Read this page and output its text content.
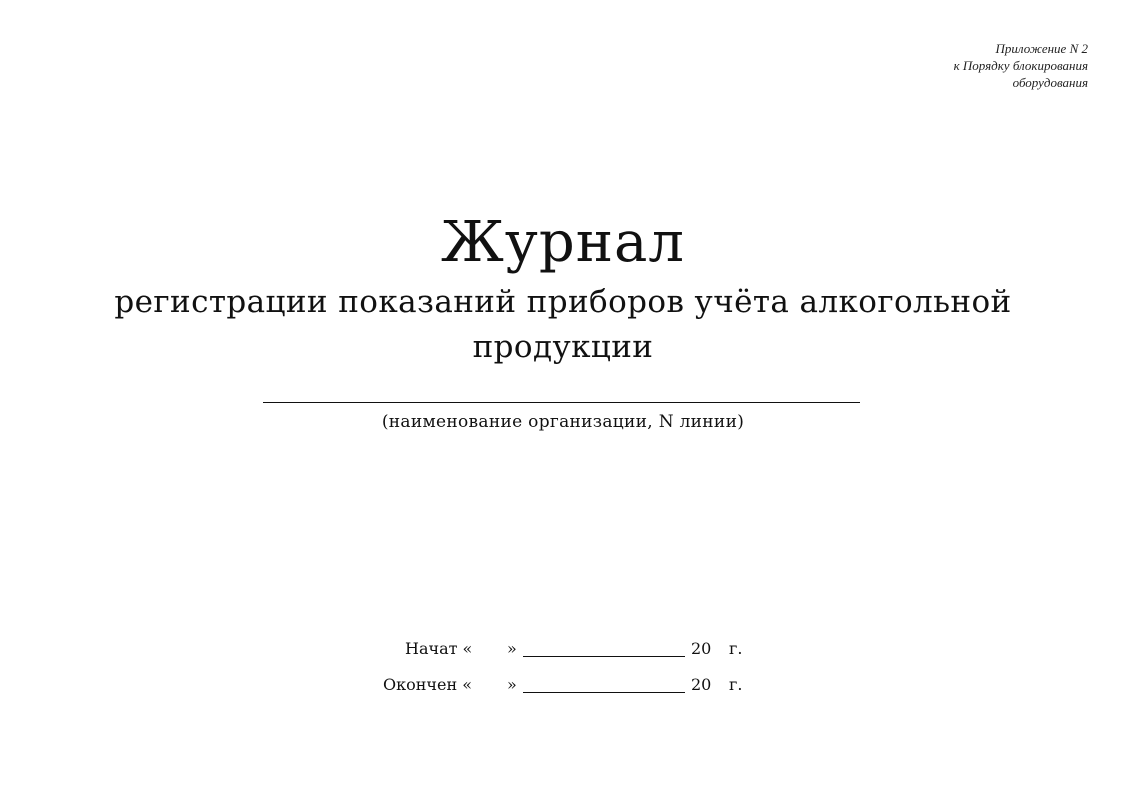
Приложение N 2
к Порядку блокирования
оборудования
Журнал
регистрации показаний приборов учёта алкогольной продукции
(наименование организации, N линии)
Начат « »	20 г.
Окончен « »	20 г.
